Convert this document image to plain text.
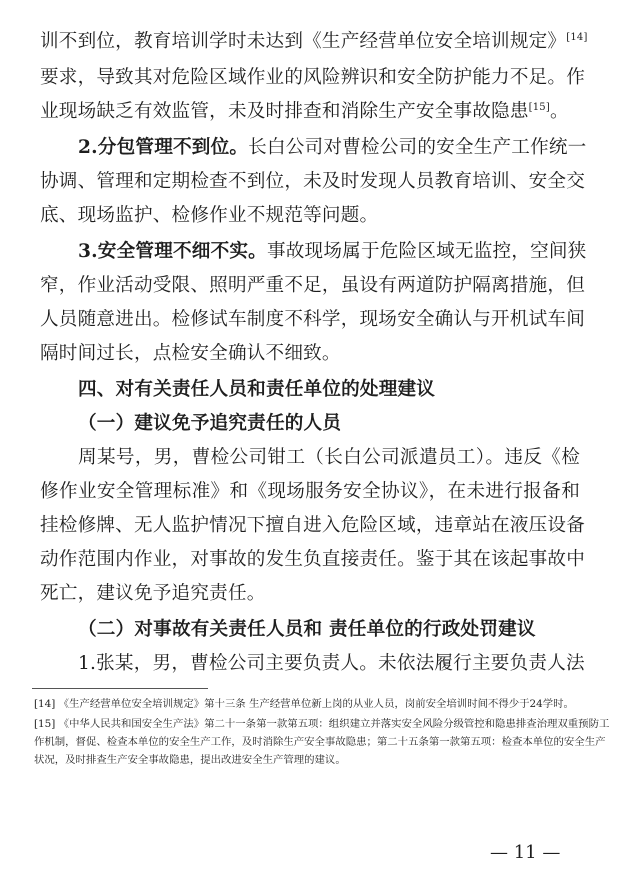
训不到位，教育培训学时未达到《生产经营单位安全培训规定》[14]
要求，导致其对危险区域作业的风险辨识和安全防护能力不足。作
业现场缺乏有效监管，未及时排查和消除生产安全事故隐患[15]。
2.分包管理不到位。长白公司对曹检公司的安全生产工作统一
协调、管理和定期检查不到位，未及时发现人员教育培训、安全交
底、现场监护、检修作业不规范等问题。
3.安全管理不细不实。事故现场属于危险区域无监控，空间狭
窄，作业活动受限、照明严重不足，虽设有两道防护隔离措施，但
人员随意进出。检修试车制度不科学，现场安全确认与开机试车间
隔时间过长，点检安全确认不细致。
四、对有关责任人员和责任单位的处理建议
（一）建议免予追究责任的人员
周某号，男，曹检公司钳工（长白公司派遣员工）。违反《检
修作业安全管理标准》和《现场服务安全协议》，在未进行报备和
挂检修牌、无人监护情况下擅自进入危险区域，违章站在液压设备
动作范围内作业，对事故的发生负直接责任。鉴于其在该起事故中
死亡，建议免予追究责任。
（二）对事故有关责任人员和 责任单位的行政处罚建议
1.张某，男，曹检公司主要负责人。未依法履行主要负责人法
[14] 《生产经营单位安全培训规定》第十三条 生产经营单位新上岗的从业人员，岗前安全培训时间不得少于24学时。
[15] 《中华人民共和国安全生产法》第二十一条第一款第五项：组织建立并落实安全风险分级管控和隐患排查治理双重预防工
作机制，督促、检查本单位的安全生产工作，及时消除生产安全事故隐患；第二十五条第一款第五项：检查本单位的安全生产
状况，及时排查生产安全事故隐患，提出改进安全生产管理的建议。
— 11 —
